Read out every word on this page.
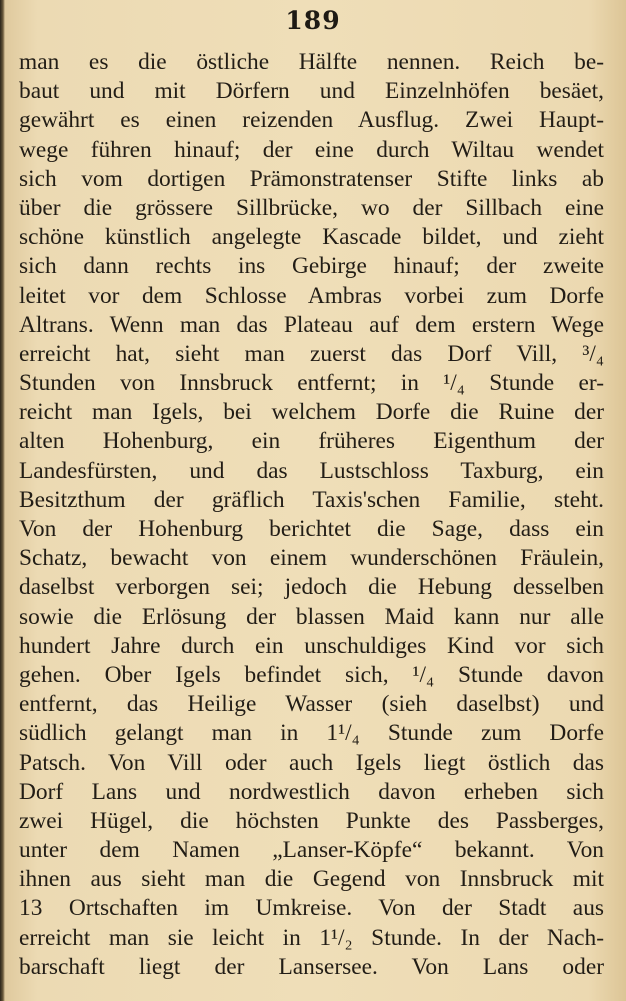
189
man es die östliche Hälfte nennen. Reich be-
baut und mit Dörfern und Einzelnhöfen besäet,
gewährt es einen reizenden Ausflug. Zwei Haupt-
wege führen hinauf; der eine durch Wiltau wendet
sich vom dortigen Prämonstratenser Stifte links ab
über die grössere Sillbrücke, wo der Sillbach eine
schöne künstlich angelegte Kascade bildet, und zieht
sich dann rechts ins Gebirge hinauf; der zweite
leitet vor dem Schlosse Ambras vorbei zum Dorfe
Altrans. Wenn man das Plateau auf dem erstern Wege
erreicht hat, sieht man zuerst das Dorf Vill, ³/₄
Stunden von Innsbruck entfernt; in ¹/₄ Stunde er-
reicht man Igels, bei welchem Dorfe die Ruine der
alten Hohenburg, ein früheres Eigenthum der
Landesfürsten, und das Lustschloss Taxburg, ein
Besitzthum der gräflich Taxis'schen Familie, steht.
Von der Hohenburg berichtet die Sage, dass ein
Schatz, bewacht von einem wunderschönen Fräulein,
daselbst verborgen sei; jedoch die Hebung desselben
sowie die Erlösung der blassen Maid kann nur alle
hundert Jahre durch ein unschuldiges Kind vor sich
gehen. Ober Igels befindet sich, ¹/₄ Stunde davon
entfernt, das Heilige Wasser (sieh daselbst) und
südlich gelangt man in 1¹/₄ Stunde zum Dorfe
Patsch. Von Vill oder auch Igels liegt östlich das
Dorf Lans und nordwestlich davon erheben sich
zwei Hügel, die höchsten Punkte des Passberges,
unter dem Namen „Lanser-Köpfe“ bekannt. Von
ihnen aus sieht man die Gegend von Innsbruck mit
13 Ortschaften im Umkreise. Von der Stadt aus
erreicht man sie leicht in 1¹/₂ Stunde. In der Nach-
barschaft liegt der Lansersee. Von Lans oder
